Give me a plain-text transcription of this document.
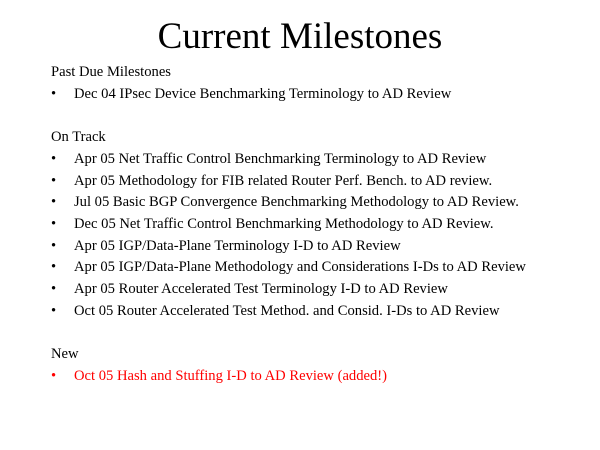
Current Milestones
Past Due Milestones
• Dec 04 IPsec Device Benchmarking Terminology to AD Review
On Track
• Apr 05 Net Traffic Control Benchmarking Terminology to AD Review
• Apr 05 Methodology for FIB related Router Perf. Bench. to AD review.
• Jul 05 Basic BGP Convergence Benchmarking Methodology to AD Review.
• Dec 05 Net Traffic Control Benchmarking Methodology to AD Review.
• Apr 05 IGP/Data-Plane Terminology I-D to AD Review
• Apr 05 IGP/Data-Plane Methodology and Considerations I-Ds to AD Review
• Apr 05 Router Accelerated Test Terminology I-D to AD Review
• Oct 05 Router Accelerated Test Method. and Consid. I-Ds to AD Review
New
• Oct 05 Hash and Stuffing I-D to AD Review (added!)
